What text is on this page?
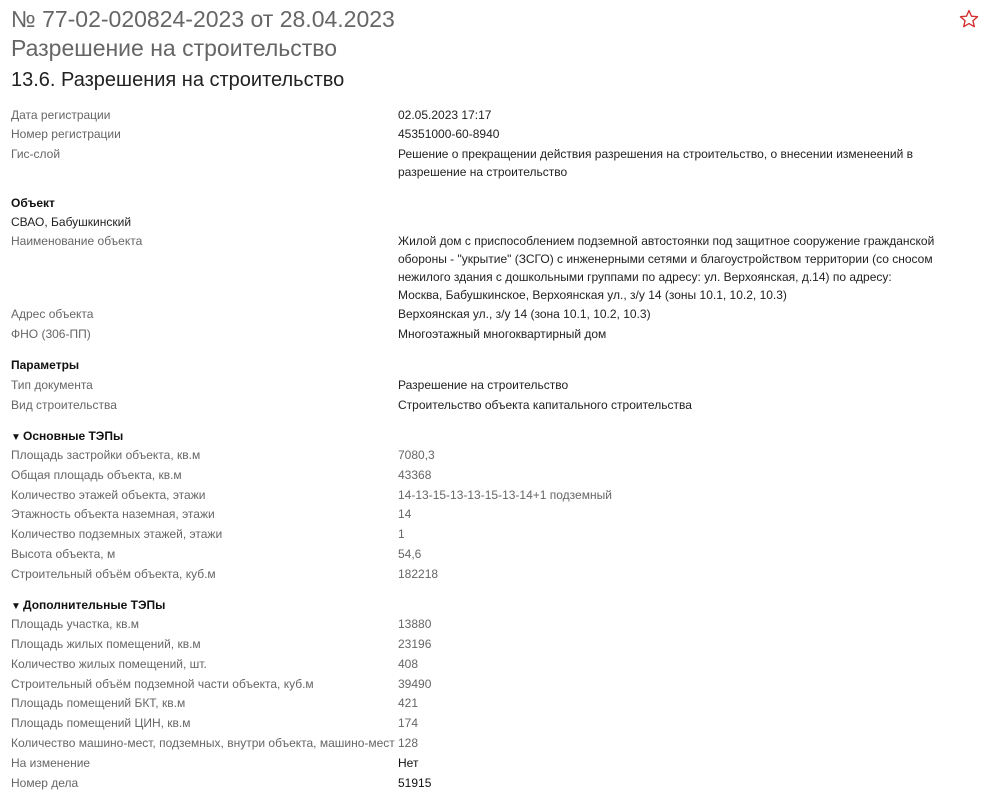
№ 77-02-020824-2023 от 28.04.2023
Разрешение на строительство
13.6. Разрешения на строительство
Дата регистрации	02.05.2023 17:17
Номер регистрации	45351000-60-8940
Гис-слой	Решение о прекращении действия разрешения на строительство, о внесении изменеений в разрешение на строительство
Объект
СВАО, Бабушкинский
Наименование объекта	Жилой дом с приспособлением подземной автостоянки под защитное сооружение гражданской обороны - "укрытие" (ЗСГО) с инженерными сетями и благоустройством территории (со сносом нежилого здания с дошкольными группами по адресу: ул. Верхоянская, д.14) по адресу: Москва, Бабушкинское, Верхоянская ул., з/у 14 (зоны 10.1, 10.2, 10.3)
Адрес объекта	Верхоянская ул., з/у 14 (зона 10.1, 10.2, 10.3)
ФНО (306-ПП)	Многоэтажный многоквартирный дом
Параметры
Тип документа	Разрешение на строительство
Вид строительства	Строительство объекта капитального строительства
▼ Основные ТЭПы
Площадь застройки объекта, кв.м	7080,3
Общая площадь объекта, кв.м	43368
Количество этажей объекта, этажи	14-13-15-13-13-15-13-14+1 подземный
Этажность объекта наземная, этажи	14
Количество подземных этажей, этажи	1
Высота объекта, м	54,6
Строительный объём объекта, куб.м	182218
▼ Дополнительные ТЭПы
Площадь участка, кв.м	13880
Площадь жилых помещений, кв.м	23196
Количество жилых помещений, шт.	408
Строительный объём подземной части объекта, куб.м	39490
Площадь помещений БКТ, кв.м	421
Площадь помещений ЦИН, кв.м	174
Количество машино-мест, подземных, внутри объекта, машино-мест 128
На изменение	Нет
Номер дела	51915
